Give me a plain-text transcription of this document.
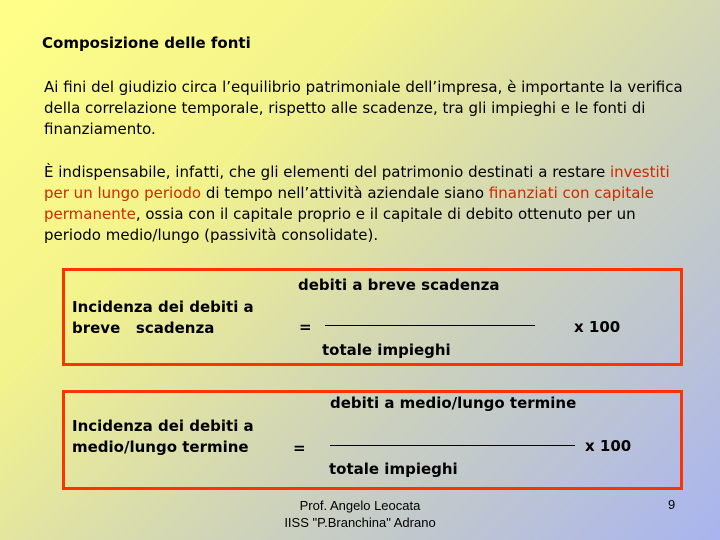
Composizione delle fonti
Ai fini del giudizio circa l’equilibrio patrimoniale dell’impresa, è importante la verifica della correlazione temporale, rispetto alle scadenze, tra gli impieghi e le fonti di finanziamento.
È indispensabile, infatti, che gli elementi del patrimonio destinati a restare investiti per un lungo periodo di tempo nell’attività aziendale siano finanziati con capitale permanente, ossia con il capitale proprio e il capitale di debito ottenuto per un periodo medio/lungo (passività consolidate).
Incidenza dei debiti a
breve   scadenza
debiti a breve scadenza
=
totale impieghi
x 100
Incidenza dei debiti a
medio/lungo termine
debiti a medio/lungo termine
=
totale impieghi
x 100
Prof. Angelo Leocata
IISS "P.Branchina" Adrano
9
